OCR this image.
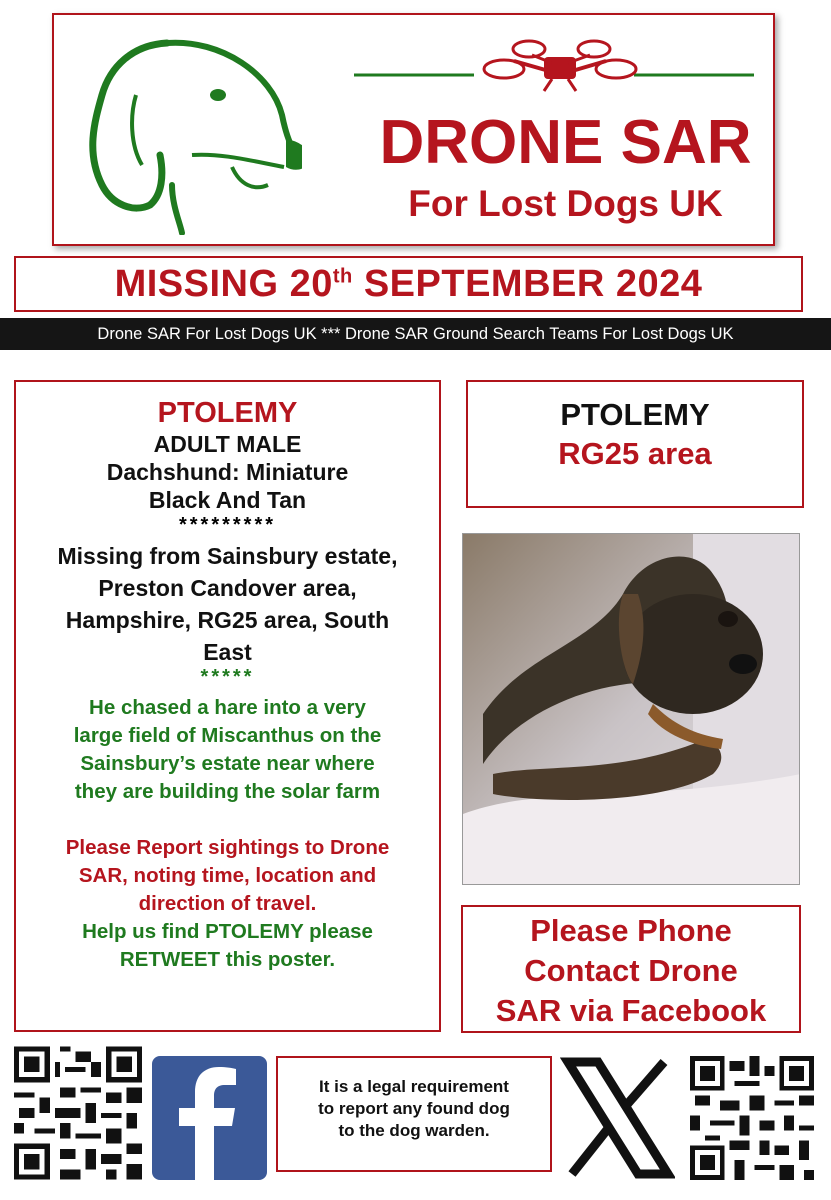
DRONE SAR
For Lost Dogs UK
MISSING 20th SEPTEMBER 2024
Drone SAR For Lost Dogs UK *** Drone SAR Ground Search Teams For Lost Dogs UK
PTOLEMY
ADULT MALE
Dachshund: Miniature
Black And Tan
*********
Missing from Sainsbury estate,
Preston Candover area,
Hampshire, RG25 area, South
East
*****
He chased a hare into a very
large field of Miscanthus on the
Sainsbury’s estate near where
they are building the solar farm
Please Report sightings to Drone
SAR, noting time, location and
direction of travel.
Help us find PTOLEMY please
RETWEET this poster.
PTOLEMY
RG25 area
Please Phone
Contact Drone
SAR via Facebook
It is a legal requirement
to report any found dog
to the dog warden.
